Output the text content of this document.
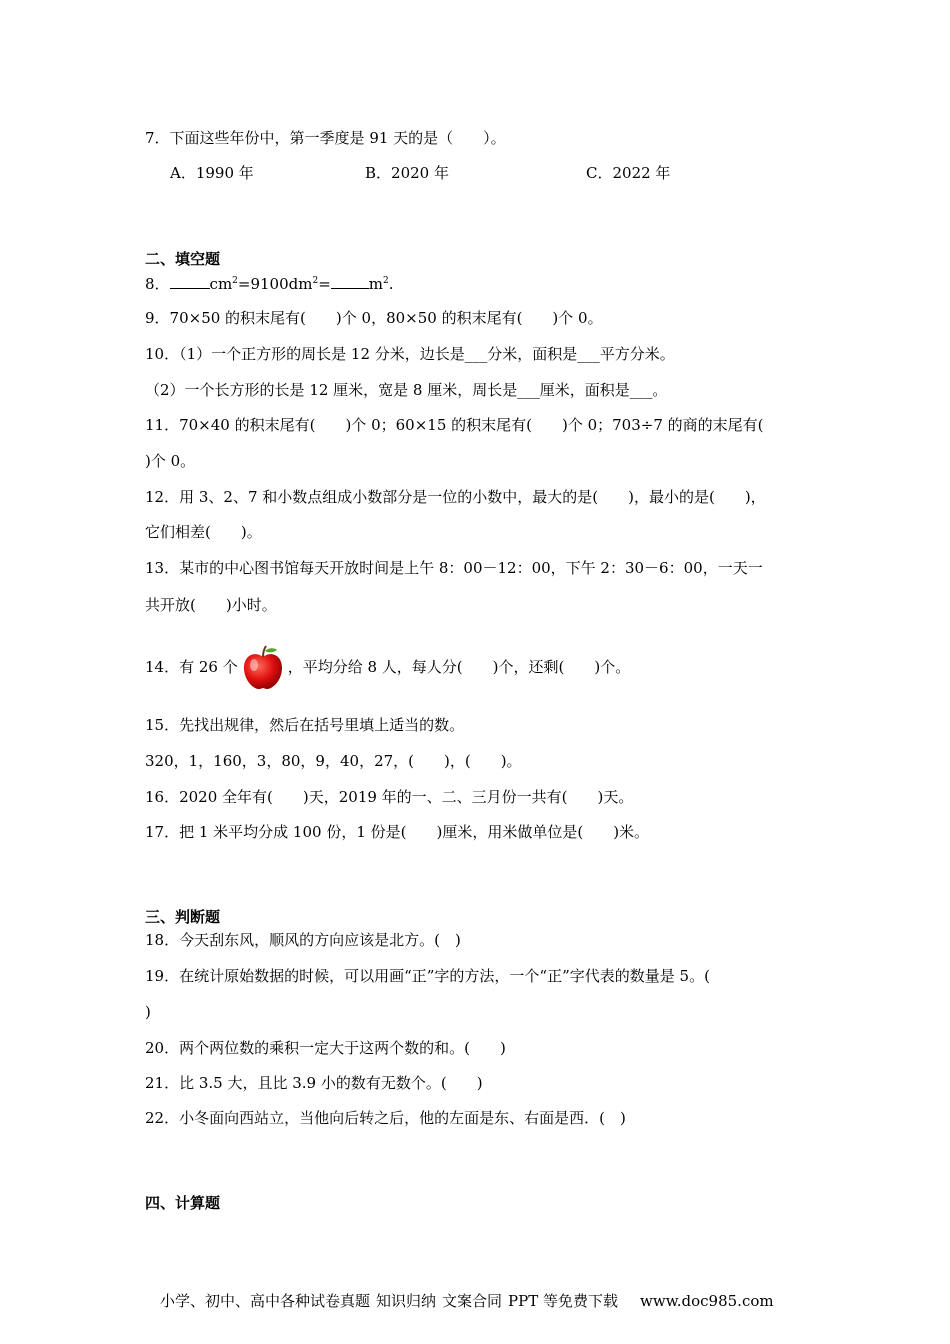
7．下面这些年份中，第一季度是 91 天的是（　　）。
A．1990 年	B．2020 年	C．2022 年
二、填空题
8．	$cm^2=9100dm^2=$	$m^2$.
9．70×50 的积末尾有(　　)个 0，80×50 的积末尾有(　　)个 0。
10．（1）一个正方形的周长是 12 分米，边长是___分米，面积是___平方分米。
（2）一个长方形的长是 12 厘米，宽是 8 厘米，周长是___厘米，面积是___。
11．70×40 的积末尾有(　　)个 0；60×15 的积末尾有(　　)个 0；703÷7 的商的末尾有(
)个 0。
12．用 3、2、7 和小数点组成小数部分是一位的小数中，最大的是(　　)，最小的是(　　)，
它们相差(　　)。
13．某市的中心图书馆每天开放时间是上午 8：00－12：00，下午 2：30－6：00，一天一
共开放(　　)小时。
14．有 26 个	，平均分给 8 人，每人分(　　)个，还剩(　　)个。
15．先找出规律，然后在括号里填上适当的数。
320，1，160，3，80，9，40，27，(　　)，(　　)。
16．2020 全年有(　　)天，2019 年的一、二、三月份一共有(　　)天。
17．把 1 米平均分成 100 份，1 份是(　　)厘米，用米做单位是(　　)米。
三、判断题
18．今天刮东风，顺风的方向应该是北方。(　)
19．在统计原始数据的时候，可以用画“正”字的方法，一个“正”字代表的数量是 5。(
)
20．两个两位数的乘积一定大于这两个数的和。(　　)
21．比 3.5 大，且比 3.9 小的数有无数个。(　　)
22．小冬面向西站立，当他向后转之后，他的左面是东、右面是西．(　)
四、计算题
小学、初中、高中各种试卷真题 知识归纳 文案合同 PPT 等免费下载 www.doc985.com
